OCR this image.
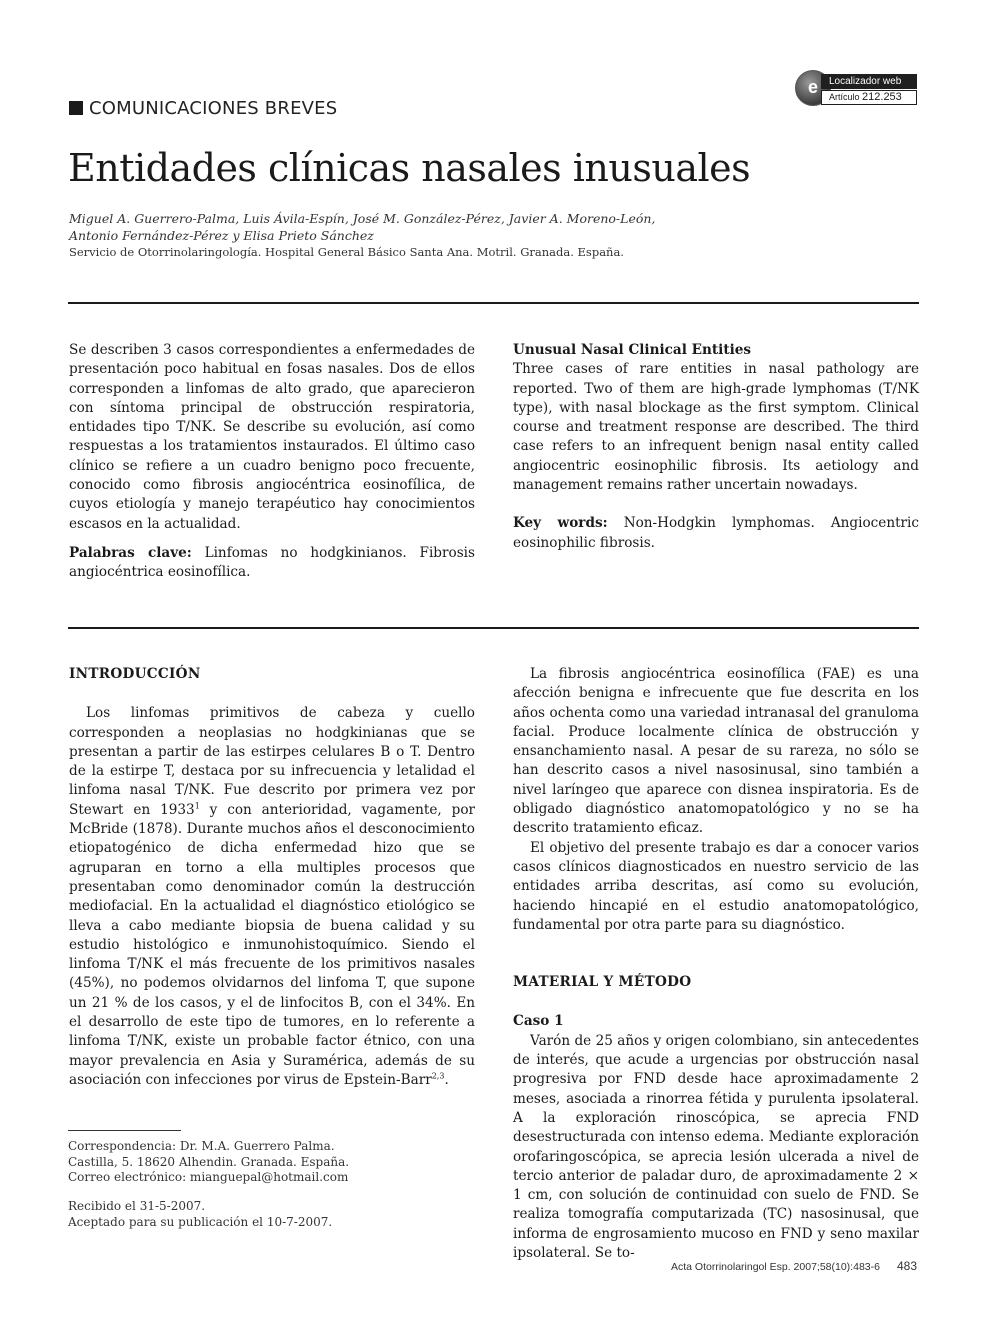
e	Localizador web
Artículo 212.253
COMUNICACIONES BREVES
Entidades clínicas nasales inusuales
Miguel A. Guerrero-Palma, Luis Ávila-Espín, José M. González-Pérez, Javier A. Moreno-León,
Antonio Fernández-Pérez y Elisa Prieto Sánchez
Servicio de Otorrinolaringología. Hospital General Básico Santa Ana. Motril. Granada. España.

Se describen 3 casos correspondientes a enfermedades de presentación poco habitual en fosas nasales. Dos de ellos corresponden a linfomas de alto grado, que aparecieron con síntoma principal de obstrucción respiratoria, entidades tipo T/NK. Se describe su evolución, así como respuestas a los tratamientos instaurados. El último caso clínico se refiere a un cuadro benigno poco frecuente, conocido como fibrosis angiocéntrica eosinofílica, de cuyos etiología y manejo terapéutico hay conocimientos escasos en la actualidad.

Palabras clave: Linfomas no hodgkinianos. Fibrosis angiocéntrica eosinofílica.

Unusual Nasal Clinical Entities

Three cases of rare entities in nasal pathology are reported. Two of them are high-grade lymphomas (T/NK type), with nasal blockage as the first symptom. Clinical course and treatment response are described. The third case refers to an infrequent benign nasal entity called angiocentric eosinophilic fibrosis. Its aetiology and management remains rather uncertain nowadays.

Key words: Non-Hodgkin lymphomas. Angiocentric eosinophilic fibrosis.

INTRODUCCIÓN

Los linfomas primitivos de cabeza y cuello corresponden a neoplasias no hodgkinianas que se presentan a partir de las estirpes celulares B o T. Dentro de la estirpe T, destaca por su infrecuencia y letalidad el linfoma nasal T/NK. Fue descrito por primera vez por Stewart en 1933$^1$ y con anterioridad, vagamente, por McBride (1878). Durante muchos años el desconocimiento etiopatogénico de dicha enfermedad hizo que se agruparan en torno a ella multiples procesos que presentaban como denominador común la destrucción mediofacial. En la actualidad el diagnóstico etiológico se lleva a cabo mediante biopsia de buena calidad y su estudio histológico e inmunohistoquímico. Siendo el linfoma T/NK el más frecuente de los primitivos nasales (45%), no podemos olvidarnos del linfoma T, que supone un 21 % de los casos, y el de linfocitos B, con el 34%. En el desarrollo de este tipo de tumores, en lo referente a linfoma T/NK, existe un probable factor étnico, con una mayor prevalencia en Asia y Suramérica, además de su asociación con infecciones por virus de Epstein-Barr$^{2,3}$.

La fibrosis angiocéntrica eosinofílica (FAE) es una afección benigna e infrecuente que fue descrita en los años ochenta como una variedad intranasal del granuloma facial. Produce localmente clínica de obstrucción y ensanchamiento nasal. A pesar de su rareza, no sólo se han descrito casos a nivel nasosinusal, sino también a nivel laríngeo que aparece con disnea inspiratoria. Es de obligado diagnóstico anatomopatológico y no se ha descrito tratamiento eficaz.

El objetivo del presente trabajo es dar a conocer varios casos clínicos diagnosticados en nuestro servicio de las entidades arriba descritas, así como su evolución, haciendo hincapié en el estudio anatomopatológico, fundamental por otra parte para su diagnóstico.

MATERIAL Y MÉTODO

Caso 1

Varón de 25 años y origen colombiano, sin antecedentes de interés, que acude a urgencias por obstrucción nasal progresiva por FND desde hace aproximadamente 2 meses, asociada a rinorrea fétida y purulenta ipsolateral. A la exploración rinoscópica, se aprecia FND desestructurada con intenso edema. Mediante exploración orofaringoscópica, se aprecia lesión ulcerada a nivel de tercio anterior de paladar duro, de aproximadamente 2 × 1 cm, con solución de continuidad con suelo de FND. Se realiza tomografía computarizada (TC) nasosinusal, que informa de engrosamiento mucoso en FND y seno maxilar ipsolateral. Se to-

Correspondencia: Dr. M.A. Guerrero Palma.
Castilla, 5. 18620 Alhendin. Granada. España.
Correo electrónico: mianguepal@hotmail.com
Recibido el 31-5-2007.
Aceptado para su publicación el 10-7-2007.
Acta Otorrinolaringol Esp. 2007;58(10):483-6 483
